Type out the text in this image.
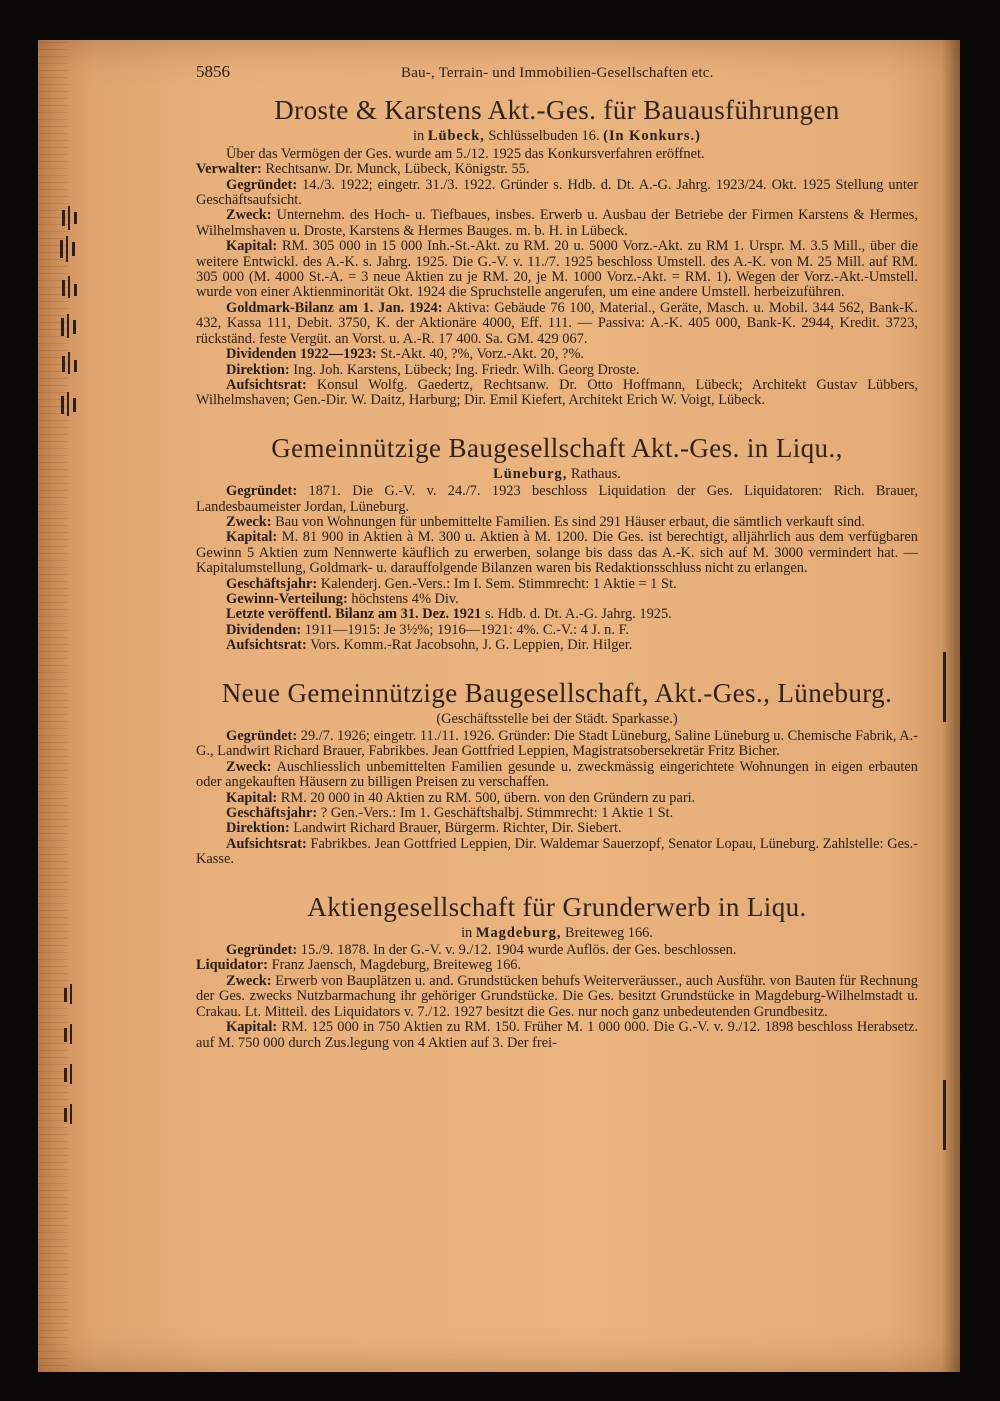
5856	Bau-, Terrain- und Immobilien-Gesellschaften etc.
Droste & Karstens Akt.-Ges. für Bauausführungen
in Lübeck, Schlüsselbuden 16. (In Konkurs.)

Über das Vermögen der Ges. wurde am 5./12. 1925 das Konkursverfahren eröffnet.

Verwalter: Rechtsanw. Dr. Munck, Lübeck, Königstr. 55.

Gegründet: 14./3. 1922; eingetr. 31./3. 1922. Gründer s. Hdb. d. Dt. A.-G. Jahrg. 1923/24. Okt. 1925 Stellung unter Geschäftsaufsicht.

Zweck: Unternehm. des Hoch- u. Tiefbaues, insbes. Erwerb u. Ausbau der Betriebe der Firmen Karstens & Hermes, Wilhelmshaven u. Droste, Karstens & Hermes Bauges. m. b. H. in Lübeck.

Kapital: RM. 305 000 in 15 000 Inh.-St.-Akt. zu RM. 20 u. 5000 Vorz.-Akt. zu RM 1. Urspr. M. 3.5 Mill., über die weitere Entwickl. des A.-K. s. Jahrg. 1925. Die G.-V. v. 11./7. 1925 beschloss Umstell. des A.-K. von M. 25 Mill. auf RM. 305 000 (M. 4000 St.-A. = 3 neue Aktien zu je RM. 20, je M. 1000 Vorz.-Akt. = RM. 1). Wegen der Vorz.-Akt.-Umstell. wurde von einer Aktienminorität Okt. 1924 die Spruchstelle angerufen, um eine andere Umstell. herbeizuführen.

Goldmark-Bilanz am 1. Jan. 1924: Aktiva: Gebäude 76 100, Material., Geräte, Masch. u. Mobil. 344 562, Bank-K. 432, Kassa 111, Debit. 3750, K. der Aktionäre 4000, Eff. 111. — Passiva: A.-K. 405 000, Bank-K. 2944, Kredit. 3723, rückständ. feste Vergüt. an Vorst. u. A.-R. 17 400. Sa. GM. 429 067.

Dividenden 1922—1923: St.-Akt. 40, ?%, Vorz.-Akt. 20, ?%.

Direktion: Ing. Joh. Karstens, Lübeck; Ing. Friedr. Wilh. Georg Droste.

Aufsichtsrat: Konsul Wolfg. Gaedertz, Rechtsanw. Dr. Otto Hoffmann, Lübeck; Architekt Gustav Lübbers, Wilhelmshaven; Gen.-Dir. W. Daitz, Harburg; Dir. Emil Kiefert, Architekt Erich W. Voigt, Lübeck.

Gemeinnützige Baugesellschaft Akt.-Ges. in Liqu.,
Lüneburg, Rathaus.

Gegründet: 1871. Die G.-V. v. 24./7. 1923 beschloss Liquidation der Ges. Liquidatoren: Rich. Brauer, Landesbaumeister Jordan, Lüneburg.

Zweck: Bau von Wohnungen für unbemittelte Familien. Es sind 291 Häuser erbaut, die sämtlich verkauft sind.

Kapital: M. 81 900 in Aktien à M. 300 u. Aktien à M. 1200. Die Ges. ist berechtigt, alljährlich aus dem verfügbaren Gewinn 5 Aktien zum Nennwerte käuflich zu erwerben, solange bis dass das A.-K. sich auf M. 3000 vermindert hat. — Kapitalumstellung, Goldmark- u. darauffolgende Bilanzen waren bis Redaktionsschluss nicht zu erlangen.

Geschäftsjahr: Kalenderj. Gen.-Vers.: Im I. Sem. Stimmrecht: 1 Aktie = 1 St.

Gewinn-Verteilung: höchstens 4% Div.

Letzte veröffentl. Bilanz am 31. Dez. 1921 s. Hdb. d. Dt. A.-G. Jahrg. 1925.

Dividenden: 1911—1915: Je 3½%; 1916—1921: 4%. C.-V.: 4 J. n. F.

Aufsichtsrat: Vors. Komm.-Rat Jacobsohn, J. G. Leppien, Dir. Hilger.

Neue Gemeinnützige Baugesellschaft, Akt.-Ges., Lüneburg.
(Geschäftsstelle bei der Städt. Sparkasse.)

Gegründet: 29./7. 1926; eingetr. 11./11. 1926. Gründer: Die Stadt Lüneburg, Saline Lüneburg u. Chemische Fabrik, A.-G., Landwirt Richard Brauer, Fabrikbes. Jean Gottfried Leppien, Magistratsobersekretär Fritz Bicher.

Zweck: Auschliesslich unbemittelten Familien gesunde u. zweckmässig eingerichtete Wohnungen in eigen erbauten oder angekauften Häusern zu billigen Preisen zu verschaffen.

Kapital: RM. 20 000 in 40 Aktien zu RM. 500, übern. von den Gründern zu pari.

Geschäftsjahr: ? Gen.-Vers.: Im 1. Geschäftshalbj. Stimmrecht: 1 Aktie 1 St.

Direktion: Landwirt Richard Brauer, Bürgerm. Richter, Dir. Siebert.

Aufsichtsrat: Fabrikbes. Jean Gottfried Leppien, Dir. Waldemar Sauerzopf, Senator Lopau, Lüneburg. Zahlstelle: Ges.-Kasse.

Aktiengesellschaft für Grunderwerb in Liqu.
in Magdeburg, Breiteweg 166.

Gegründet: 15./9. 1878. In der G.-V. v. 9./12. 1904 wurde Auflös. der Ges. beschlossen.

Liquidator: Franz Jaensch, Magdeburg, Breiteweg 166.

Zweck: Erwerb von Bauplätzen u. and. Grundstücken behufs Weiterveräusser., auch Ausführ. von Bauten für Rechnung der Ges. zwecks Nutzbarmachung ihr gehöriger Grundstücke. Die Ges. besitzt Grundstücke in Magdeburg-Wilhelmstadt u. Crakau. Lt. Mitteil. des Liquidators v. 7./12. 1927 besitzt die Ges. nur noch ganz unbedeutenden Grundbesitz.

Kapital: RM. 125 000 in 750 Aktien zu RM. 150. Früher M. 1 000 000. Die G.-V. v. 9./12. 1898 beschloss Herabsetz. auf M. 750 000 durch Zus.legung von 4 Aktien auf 3. Der frei-
